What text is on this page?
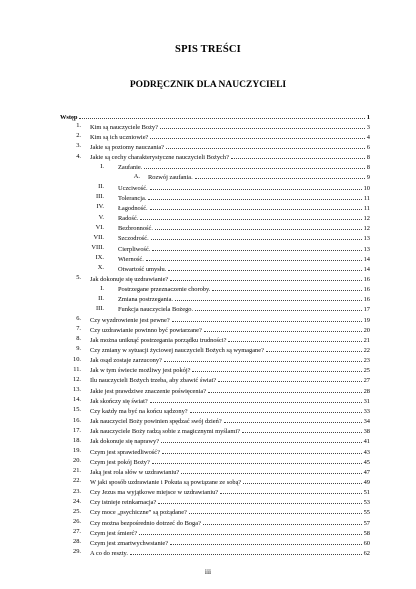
SPIS TREŚCI
PODRĘCZNIK DLA NAUCZYCIELI
Wstęp	1
1. Kim są nauczyciele Boży?	3
2. Kim są ich uczniowie?	4
3. Jakie są poziomy nauczania?	6
4. Jakie są cechy charakterystyczne nauczycieli Bożych?	8
I. Zaufanie.	8
A. Rozwój zaufania.	9
II. Uczciwość.	10
III. Tolerancja.	11
IV. Łagodność.	11
V. Radość.	12
VI. Bezbronność.	12
VII. Szczodrość.	13
VIII. Cierpliwość.	13
IX. Wierność.	14
X. Otwartość umysłu.	14
5. Jak dokonuje się uzdrawianie?	16
I. Postrzegane przeznaczenie choroby.	16
II. Zmiana postrzegania.	16
III. Funkcja nauczyciela Bożego.	17
6. Czy wyzdrowienie jest pewne?	19
7. Czy uzdrawianie powinno być powtarzane?	20
8. Jak można uniknąć postrzegania porządku trudności?	21
9. Czy zmiany w sytuacji życiowej nauczycieli Bożych są wymagane?	22
10. Jak osąd zostaje zarzucony?	23
11. Jak w tym świecie możliwy jest pokój?	25
12. Ilu nauczycieli Bożych trzeba, aby zbawić świat?	27
13. Jakie jest prawdziwe znaczenie poświęcenia?	28
14. Jak skończy się świat?	31
15. Czy każdy ma być na końcu sądzony?	33
16. Jak nauczyciel Boży powinien spędzać swój dzień?	34
17. Jak nauczyciele Boży radzą sobie z magicznymi myślami?	38
18. Jak dokonuje się naprawy?	41
19. Czym jest sprawiedliwość?	43
20. Czym jest pokój Boży?	45
21. Jaką jest rola słów w uzdrawianiu?	47
22. W jaki sposób uzdrawianie i Pokuta są powiązane ze sobą?	49
23. Czy Jezus ma wyjątkowe miejsce w uzdrawianiu?	51
24. Czy istnieje reinkarnacja?	53
25. Czy moce „psychiczne” są pożądane?	55
26. Czy można bezpośrednio dotrzeć do Boga?	57
27. Czym jest śmierć?	58
28. Czym jest zmartwychwstanie?	60
29. A co do reszty.	62
iii
